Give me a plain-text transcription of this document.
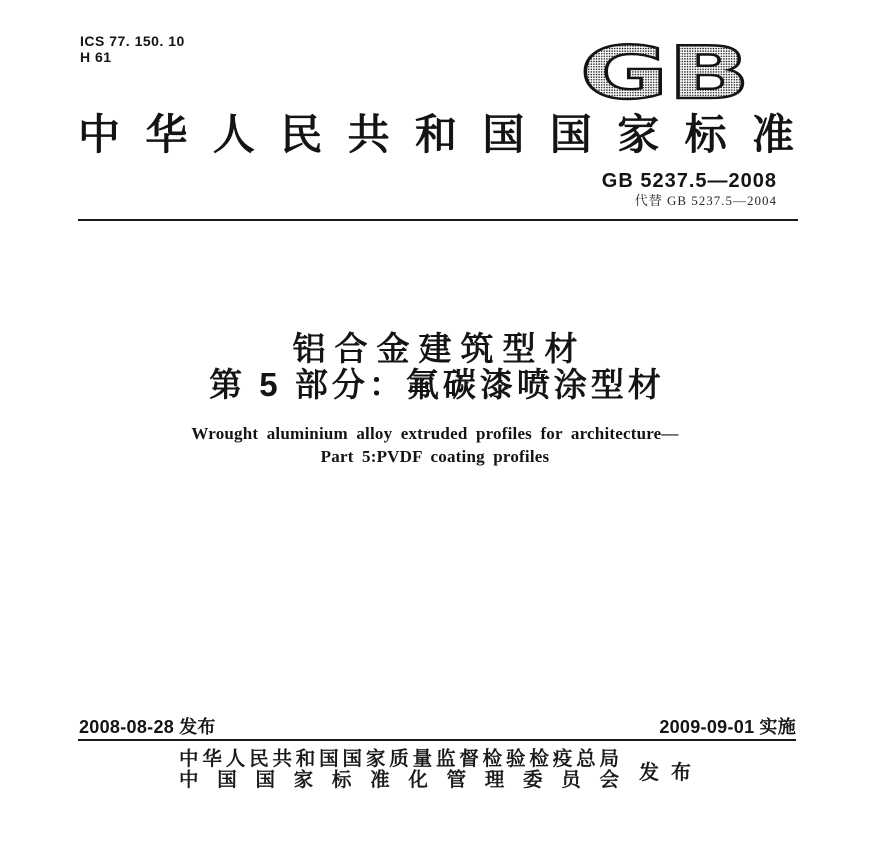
ICS 77. 150. 10
H 61	GB
中华人民共和国国家标准
GB 5237.5—2008
代替 GB 5237.5—2004
铝合金建筑型材
第 5 部分：氟碳漆喷涂型材
Wrought aluminium alloy extruded profiles for architecture—
Part 5:PVDF coating profiles
2008-08-28 发布	2009-09-01 实施
中华人民共和国国家质量监督检验检疫总局
中国国家标准化管理委员会 发布
